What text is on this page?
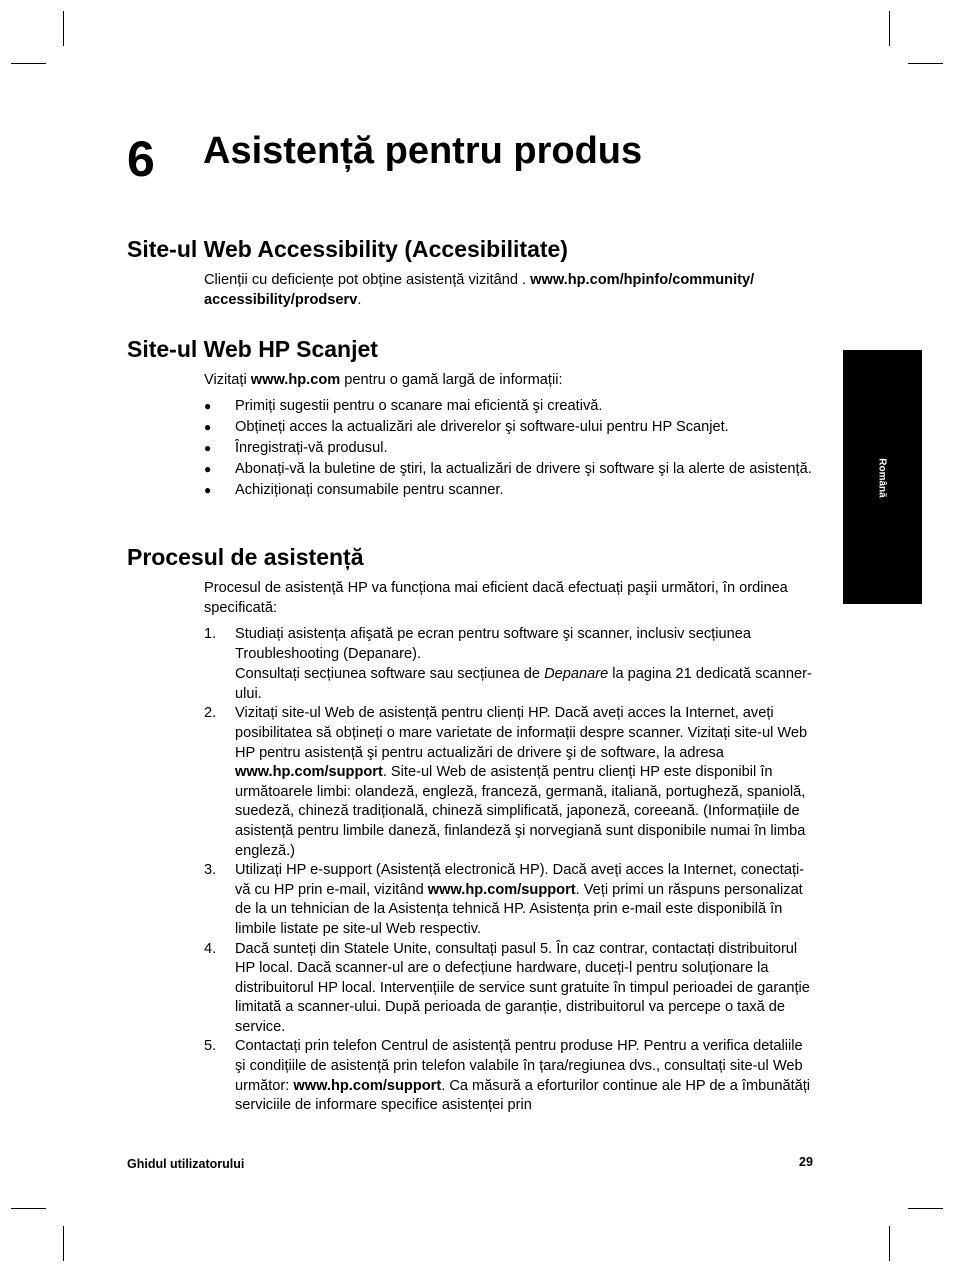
6 Asistență pentru produs
Site-ul Web Accessibility (Accesibilitate)

Clienții cu deficiențe pot obține asistență vizitând . www.hp.com/hpinfo/community/
accessibility/prodserv.

Site-ul Web HP Scanjet

Vizitați www.hp.com pentru o gamă largă de informații:

● Primiți sugestii pentru o scanare mai eficientă şi creativă.
● Obțineți acces la actualizări ale driverelor şi software-ului pentru HP Scanjet.
● Înregistrați-vă produsul.
● Abonați-vă la buletine de ştiri, la actualizări de drivere şi software şi la alerte de asistență.
● Achiziționați consumabile pentru scanner.
Procesul de asistență

Procesul de asistență HP va funcționa mai eficient dacă efectuați paşii următori, în ordinea specificată:

1. Studiați asistența afişată pe ecran pentru software şi scanner, inclusiv secțiunea Troubleshooting (Depanare).
Consultați secțiunea software sau secțiunea de Depanare la pagina 21 dedicată scanner-ului.
2. Vizitați site-ul Web de asistență pentru clienți HP. Dacă aveți acces la Internet, aveți posibilitatea să obțineți o mare varietate de informații despre scanner. Vizitați site-ul Web HP pentru asistență şi pentru actualizări de drivere şi de software, la adresa www.hp.com/support. Site-ul Web de asistență pentru clienți HP este disponibil în următoarele limbi: olandeză, engleză, franceză, germană, italiană, portugheză, spaniolă, suedeză, chineză tradițională, chineză simplificată, japoneză, coreeană. (Informațiile de asistență pentru limbile daneză, finlandeză şi norvegiană sunt disponibile numai în limba engleză.)
3. Utilizați HP e-support (Asistență electronică HP). Dacă aveți acces la Internet, conectați-vă cu HP prin e-mail, vizitând www.hp.com/support. Veți primi un răspuns personalizat de la un tehnician de la Asistența tehnică HP. Asistența prin e-mail este disponibilă în limbile listate pe site-ul Web respectiv.
4. Dacă sunteți din Statele Unite, consultați pasul 5. În caz contrar, contactați distribuitorul HP local. Dacă scanner-ul are o defecțiune hardware, duceți-l pentru soluționare la distribuitorul HP local. Intervențiile de service sunt gratuite în timpul perioadei de garanție limitată a scanner-ului. După perioada de garanție, distribuitorul va percepe o taxă de service.
5. Contactați prin telefon Centrul de asistență pentru produse HP. Pentru a verifica detaliile şi condițiile de asistență prin telefon valabile în țara/regiunea dvs., consultați site-ul Web următor: www.hp.com/support. Ca măsură a eforturilor continue ale HP de a îmbunătăți serviciile de informare specifice asistenței prin
Română
Ghidul utilizatorului	29
